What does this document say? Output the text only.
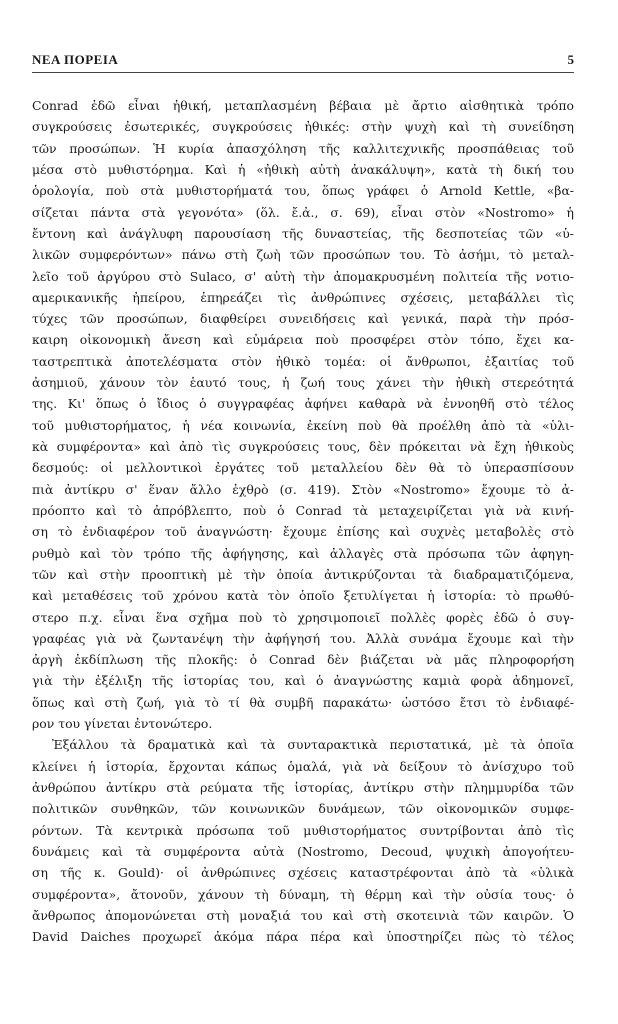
ΝΕΑ ΠΟΡΕΙΑ	5
Conrad ἐδῶ εἶναι ἠθική, μεταπλασμένη βέβαια μὲ ἄρτιο αἰσθητικὰ τρόπο
συγκρούσεις ἐσωτερικές, συγκρούσεις ἠθικές: στὴν ψυχὴ καὶ τὴ συνείδηση
τῶν προσώπων. Ἡ κυρία ἀπασχόληση τῆς καλλιτεχνικῆς προσπάθειας τοῦ
μέσα στὸ μυθιστόρημα. Καὶ ἡ «ἠθικὴ αὐτὴ ἀνακάλυψη», κατὰ τὴ δική του
ὁρολογία, ποὺ στὰ μυθιστορήματά του, ὅπως γράφει ὁ Arnold Kettle, «βα-
σίζεται πάντα στὰ γεγονότα» (ὅλ. ἔ.ἀ., σ. 69), εἶναι στὸν «Nostromo» ἡ
ἔντονη καὶ ἀνάγλυφη παρουσίαση τῆς δυναστείας, τῆς δεσποτείας τῶν «ὑ-
λικῶν συμφερόντων» πάνω στὴ ζωὴ τῶν προσώπων του. Τὸ ἀσήμι, τὸ μεταλ-
λεῖο τοῦ ἀργύρου στὸ Sulaco, σ' αὐτὴ τὴν ἀπομακρυσμένη πολιτεία τῆς νοτιο-
αμερικανικῆς ἠπείρου, ἐπηρεάζει τὶς ἀνθρώπινες σχέσεις, μεταβάλλει τὶς
τύχες τῶν προσώπων, διαφθείρει συνειδήσεις καὶ γενικά, παρὰ τὴν πρόσ-
καιρη οἰκονομικὴ ἄνεση καὶ εὐμάρεια ποὺ προσφέρει στὸν τόπο, ἔχει κα-
ταστρεπτικὰ ἀποτελέσματα στὸν ἠθικὸ τομέα: οἱ ἄνθρωποι, ἐξαιτίας τοῦ
ἀσημιοῦ, χάνουν τὸν ἑαυτό τους, ἡ ζωή τους χάνει τὴν ἠθικὴ στερεότητά
της. Κι' ὅπως ὁ ἴδιος ὁ συγγραφέας ἀφήνει καθαρὰ νὰ ἐννοηθῆ στὸ τέλος
τοῦ μυθιστορήματος, ἡ νέα κοινωνία, ἐκείνη ποὺ θὰ προέλθη ἀπὸ τὰ «ὑλι-
κὰ συμφέροντα» καὶ ἀπὸ τὶς συγκρούσεις τους, δὲν πρόκειται νὰ ἔχη ἠθικοὺς
δεσμούς: οἱ μελλοντικοὶ ἐργάτες τοῦ μεταλλείου δὲν θὰ τὸ ὑπερασπίσουν
πιὰ ἀντίκρυ σ' ἕναν ἄλλο ἐχθρὸ (σ. 419). Στὸν «Nostromo» ἔχουμε τὸ ἀ-
πρόοπτο καὶ τὸ ἀπρόβλεπτο, ποὺ ὁ Conrad τὰ μεταχειρίζεται γιὰ νὰ κινή-
ση τὸ ἐνδιαφέρον τοῦ ἀναγνώστη· ἔχουμε ἐπίσης καὶ συχνὲς μεταβολὲς στὸ
ρυθμὸ καὶ τὸν τρόπο τῆς ἀφήγησης, καὶ ἀλλαγὲς στὰ πρόσωπα τῶν ἀφηγη-
τῶν καὶ στὴν προοπτικὴ μὲ τὴν ὁποία ἀντικρύζονται τὰ διαδραματιζόμενα,
καὶ μεταθέσεις τοῦ χρόνου κατὰ τὸν ὁποῖο ξετυλίγεται ἡ ἱστορία: τὸ πρωθύ-
στερο π.χ. εἶναι ἕνα σχῆμα ποὺ τὸ χρησιμοποιεῖ πολλὲς φορὲς ἐδῶ ὁ συγ-
γραφέας γιὰ νὰ ζωντανέψη τὴν ἀφήγησή του. Ἀλλὰ συνάμα ἔχουμε καὶ τὴν
ἀργὴ ἐκδίπλωση τῆς πλοκῆς: ὁ Conrad δὲν βιάζεται νὰ μᾶς πληροφορήση
γιὰ τὴν ἐξέλιξη τῆς ἱστορίας του, καὶ ὁ ἀναγνώστης καμιὰ φορὰ ἀδημονεῖ,
ὅπως καὶ στὴ ζωή, γιὰ τὸ τί θὰ συμβῆ παρακάτω· ὡστόσο ἔτσι τὸ ἐνδιαφέ-
ρον του γίνεται ἐντονώτερο.
Ἐξάλλου τὰ δραματικὰ καὶ τὰ συνταρακτικὰ περιστατικά, μὲ τὰ ὁποῖα
κλείνει ἡ ἱστορία, ἔρχονται κάπως ὁμαλά, γιὰ νὰ δείξουν τὸ ἀνίσχυρο τοῦ
ἀνθρώπου ἀντίκρυ στὰ ρεύματα τῆς ἱστορίας, ἀντίκρυ στὴν πλημμυρίδα τῶν
πολιτικῶν συνθηκῶν, τῶν κοινωνικῶν δυνάμεων, τῶν οἰκονομικῶν συμφε-
ρόντων. Τὰ κεντρικὰ πρόσωπα τοῦ μυθιστορήματος συντρίβονται ἀπὸ τὶς
δυνάμεις καὶ τὰ συμφέροντα αὐτὰ (Nostromo, Decoud, ψυχικὴ ἀπογοήτευ-
ση τῆς κ. Gould)· οἱ ἀνθρώπινες σχέσεις καταστρέφονται ἀπὸ τὰ «ὑλικὰ
συμφέροντα», ἄτονοῦν, χάνουν τὴ δύναμη, τὴ θέρμη καὶ τὴν οὐσία τους· ὁ
ἄνθρωπος ἀπομονώνεται στὴ μοναξιά του καὶ στὴ σκοτεινιὰ τῶν καιρῶν. Ὁ
David Daiches προχωρεῖ ἀκόμα πάρα πέρα καὶ ὑποστηρίζει πὼς τὸ τέλος
